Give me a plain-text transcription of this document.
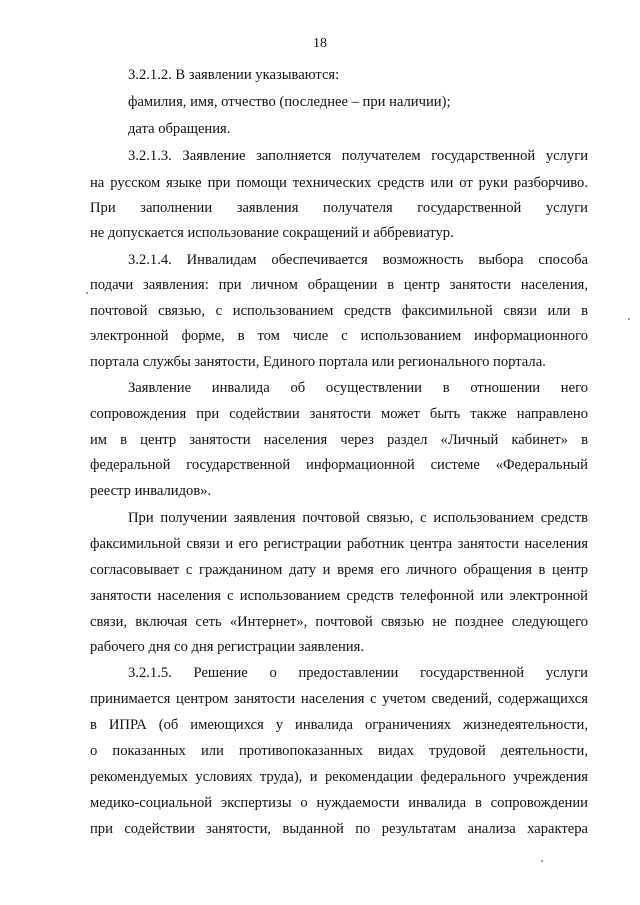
18
3.2.1.2. В заявлении указываются:
фамилия, имя, отчество (последнее – при наличии);
дата обращения.
3.2.1.3. Заявление заполняется получателем государственной услуги
на русском языке при помощи технических средств или от руки разборчиво.
При заполнении заявления получателя государственной услуги
не допускается использование сокращений и аббревиатур.
3.2.1.4. Инвалидам обеспечивается возможность выбора способа
подачи заявления: при личном обращении в центр занятости населения,
почтовой связью, с использованием средств факсимильной связи или в
электронной форме, в том числе с использованием информационного
портала службы занятости, Единого портала или регионального портала.
Заявление инвалида об осуществлении в отношении него
сопровождения при содействии занятости может быть также направлено
им в центр занятости населения через раздел «Личный кабинет» в
федеральной государственной информационной системе «Федеральный
реестр инвалидов».
При получении заявления почтовой связью, с использованием средств
факсимильной связи и его регистрации работник центра занятости населения
согласовывает с гражданином дату и время его личного обращения в центр
занятости населения с использованием средств телефонной или электронной
связи, включая сеть «Интернет», почтовой связью не позднее следующего
рабочего дня со дня регистрации заявления.
3.2.1.5. Решение о предоставлении государственной услуги
принимается центром занятости населения с учетом сведений, содержащихся
в ИПРА (об имеющихся у инвалида ограничениях жизнедеятельности,
о показанных или противопоказанных видах трудовой деятельности,
рекомендуемых условиях труда), и рекомендации федерального учреждения
медико-социальной экспертизы о нуждаемости инвалида в сопровождении
при содействии занятости, выданной по результатам анализа характера
